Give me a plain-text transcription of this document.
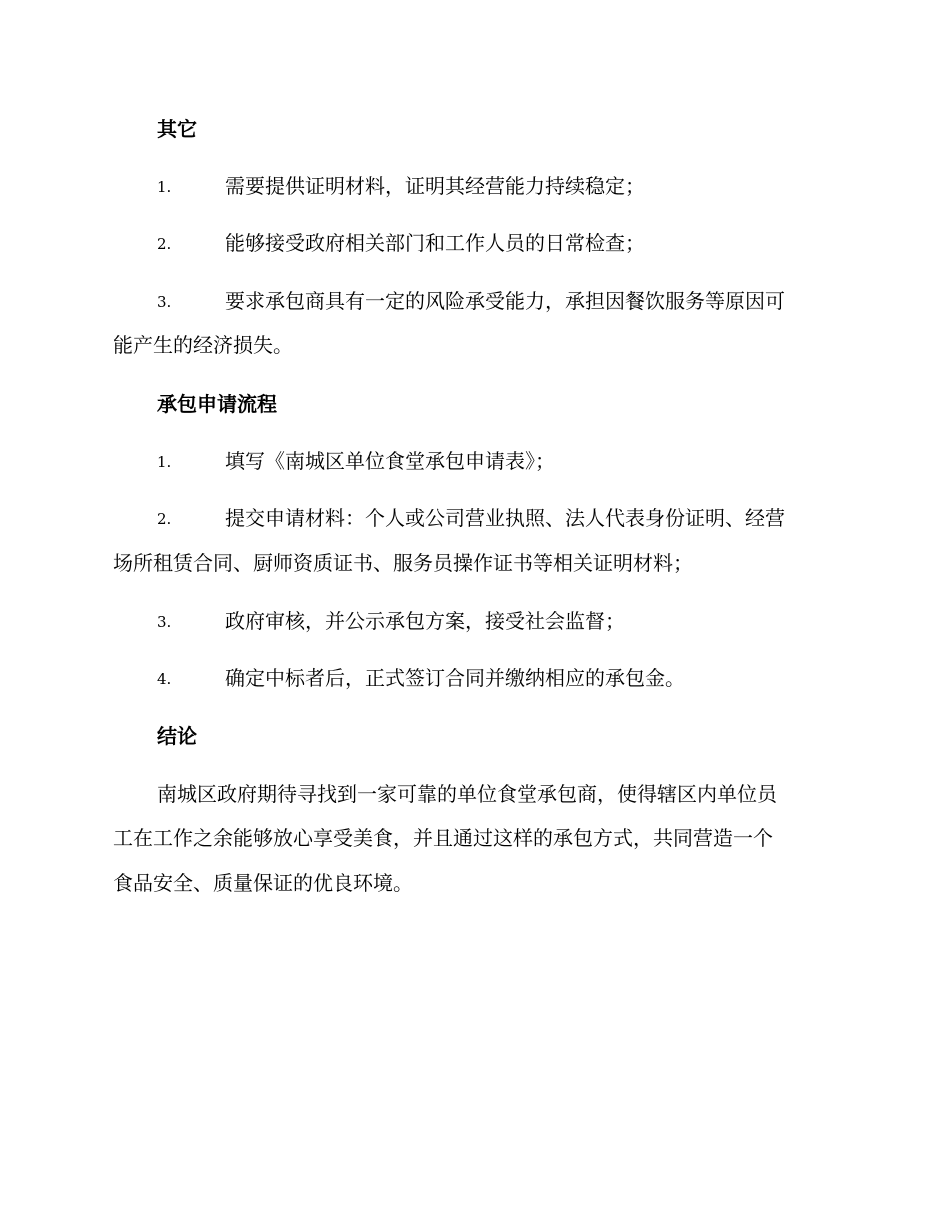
其它
1.	需要提供证明材料，证明其经营能力持续稳定；
2.	能够接受政府相关部门和工作人员的日常检查；
3.	要求承包商具有一定的风险承受能力，承担因餐饮服务等原因可
能产生的经济损失。
承包申请流程
1.	填写《南城区单位食堂承包申请表》；
2.	提交申请材料：个人或公司营业执照、法人代表身份证明、经营
场所租赁合同、厨师资质证书、服务员操作证书等相关证明材料；
3.	政府审核，并公示承包方案，接受社会监督；
4.	确定中标者后，正式签订合同并缴纳相应的承包金。
结论
南城区政府期待寻找到一家可靠的单位食堂承包商，使得辖区内单位员
工在工作之余能够放心享受美食，并且通过这样的承包方式，共同营造一个
食品安全、质量保证的优良环境。
